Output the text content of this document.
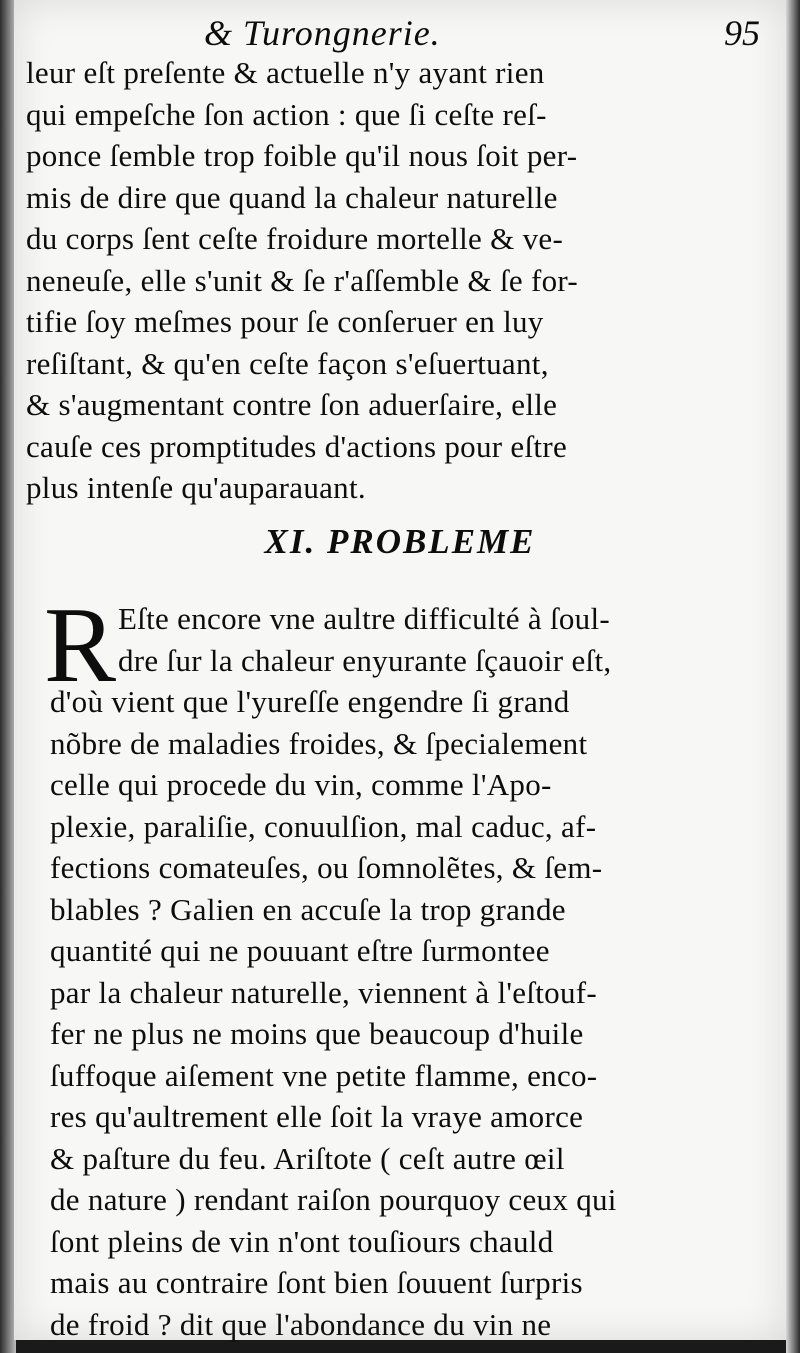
& Turongnerie.	95
leur eſt preſente & actuelle n'y ayant rien
qui empeſche ſon action : que ſi ceſte reſ-
ponce ſemble trop foible qu'il nous ſoit per-
mis de dire que quand la chaleur naturelle
du corps ſent ceſte froidure mortelle & ve-
neneuſe, elle s'unit & ſe r'aſſemble & ſe for-
tifie ſoy meſmes pour ſe conſeruer en luy
reſiſtant, & qu'en ceſte façon s'eſuertuant,
& s'augmentant contre ſon aduerſaire, elle
cauſe ces promptitudes d'actions pour eſtre
plus intenſe qu'auparauant.
XI. PROBLEME
R Eſte encore vne aultre difficulté à ſoul-
dre ſur la chaleur enyurante ſçauoir eſt,
d'où vient que l'yureſſe engendre ſi grand
nõbre de maladies froides, & ſpecialement
celle qui procede du vin, comme l'Apo-
plexie, paraliſie, conuulſion, mal caduc, af-
fections comateuſes, ou ſomnolẽtes, & ſem-
blables ? Galien en accuſe la trop grande
quantité qui ne pouuant eſtre ſurmontee
par la chaleur naturelle, viennent à l'eſtouf-
fer ne plus ne moins que beaucoup d'huile
ſuffoque aiſement vne petite flamme, enco-
res qu'aultrement elle ſoit la vraye amorce
& paſture du feu. Ariſtote ( ceſt autre œil
de nature ) rendant raiſon pourquoy ceux qui
ſont pleins de vin n'ont touſiours chauld
mais au contraire ſont bien ſouuent ſurpris
de froid ? dit que l'abondance du vin ne
